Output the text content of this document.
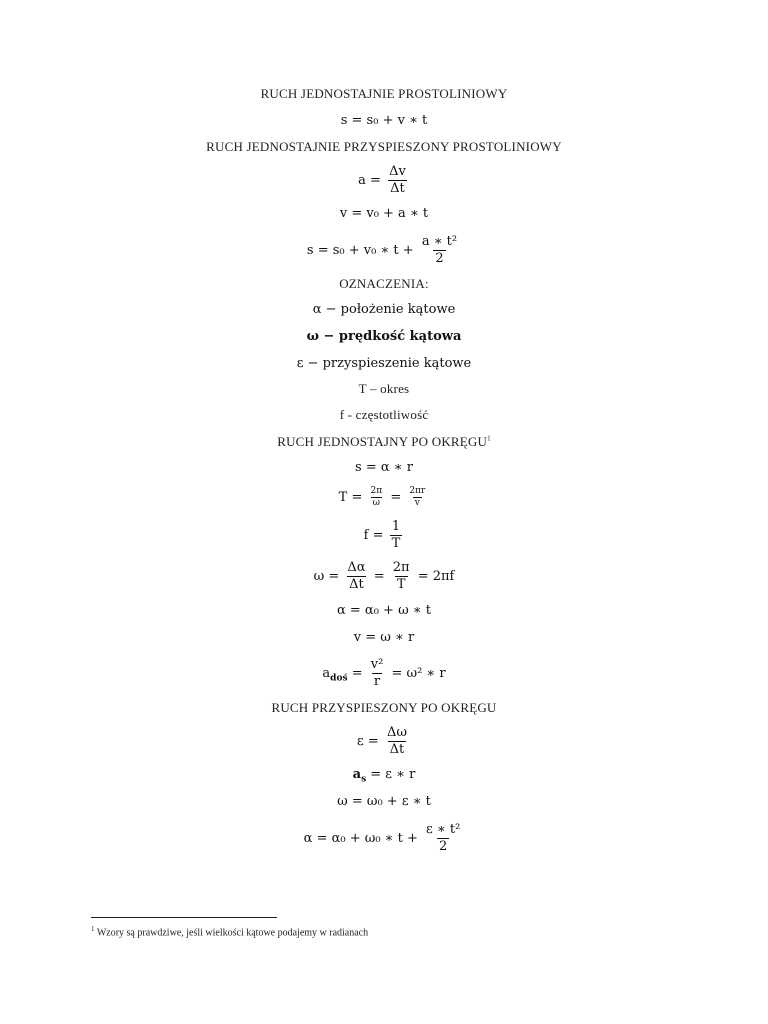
RUCH JEDNOSTAJNIE PROSTOLINIOWY
s = s₀ + v ∗ t
RUCH JEDNOSTAJNIE PRZYSPIESZONY PROSTOLINIOWY
$a = \frac{\Delta v}{\Delta t}$
v = v₀ + a ∗ t
s = s₀ + v₀ ∗ $t + \frac{\text{a ∗ t²}}{2}$
OZNACZENIA:
α − położenie kątowe
ω − prędkość kątowa
ε − przyspieszenie kątowe
T – okres
f - częstotliwość
RUCH JEDNOSTAJNY PO OKRĘGU$^1$
s = α ∗ r
$T = \frac{2\pi}{\omega} = \frac{2\pi r}{v}$
$f = \frac{1}{T}$
$\omega = \frac{\Delta\alpha}{\Delta t} = \frac{2\pi}{T} = 2\pi f$
α = α₀ + ω ∗ t
v = ω ∗ r
$a_{doś} = \frac{\text{v²}}{r} = \omega^2$ ∗ r
RUCH PRZYSPIESZONY PO OKRĘGU
$\varepsilon = \frac{\Delta\omega}{\Delta t}$
$a_s = \varepsilon$ ∗ r
ω = ω₀ + ε ∗ t
α = α₀ + ω₀ ∗ $t + \frac{\text{ε ∗ t²}}{2}$
$^1$ Wzory są prawdziwe, jeśli wielkości kątowe podajemy w radianach
